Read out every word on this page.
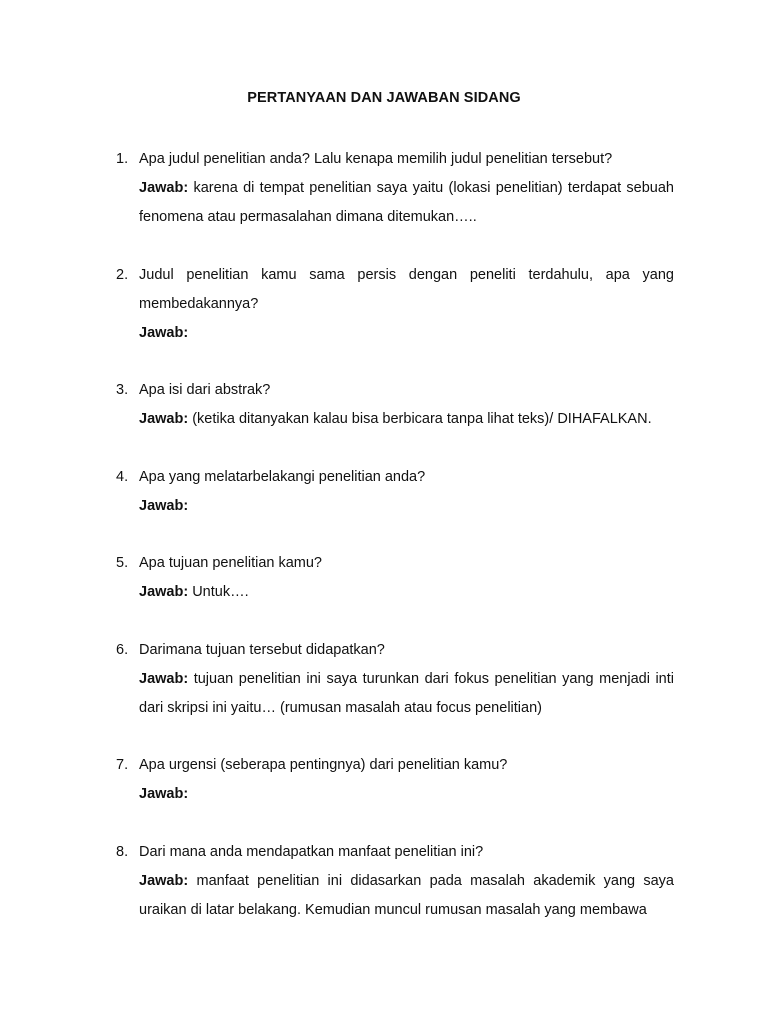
PERTANYAAN DAN JAWABAN SIDANG
1. Apa judul penelitian anda? Lalu kenapa memilih judul penelitian tersebut?
Jawab: karena di tempat penelitian saya yaitu (lokasi penelitian) terdapat sebuah fenomena atau permasalahan dimana ditemukan…..
2. Judul penelitian kamu sama persis dengan peneliti terdahulu, apa yang membedakannya?
Jawab:
3. Apa isi dari abstrak?
Jawab: (ketika ditanyakan kalau bisa berbicara tanpa lihat teks)/ DIHAFALKAN.
4. Apa yang melatarbelakangi penelitian anda?
Jawab:
5. Apa tujuan penelitian kamu?
Jawab: Untuk….
6. Darimana tujuan tersebut didapatkan?
Jawab: tujuan penelitian ini saya turunkan dari fokus penelitian yang menjadi inti dari skripsi ini yaitu… (rumusan masalah atau focus penelitian)
7. Apa urgensi (seberapa pentingnya) dari penelitian kamu?
Jawab:
8. Dari mana anda mendapatkan manfaat penelitian ini?
Jawab: manfaat penelitian ini didasarkan pada masalah akademik yang saya uraikan di latar belakang. Kemudian muncul rumusan masalah yang membawa
